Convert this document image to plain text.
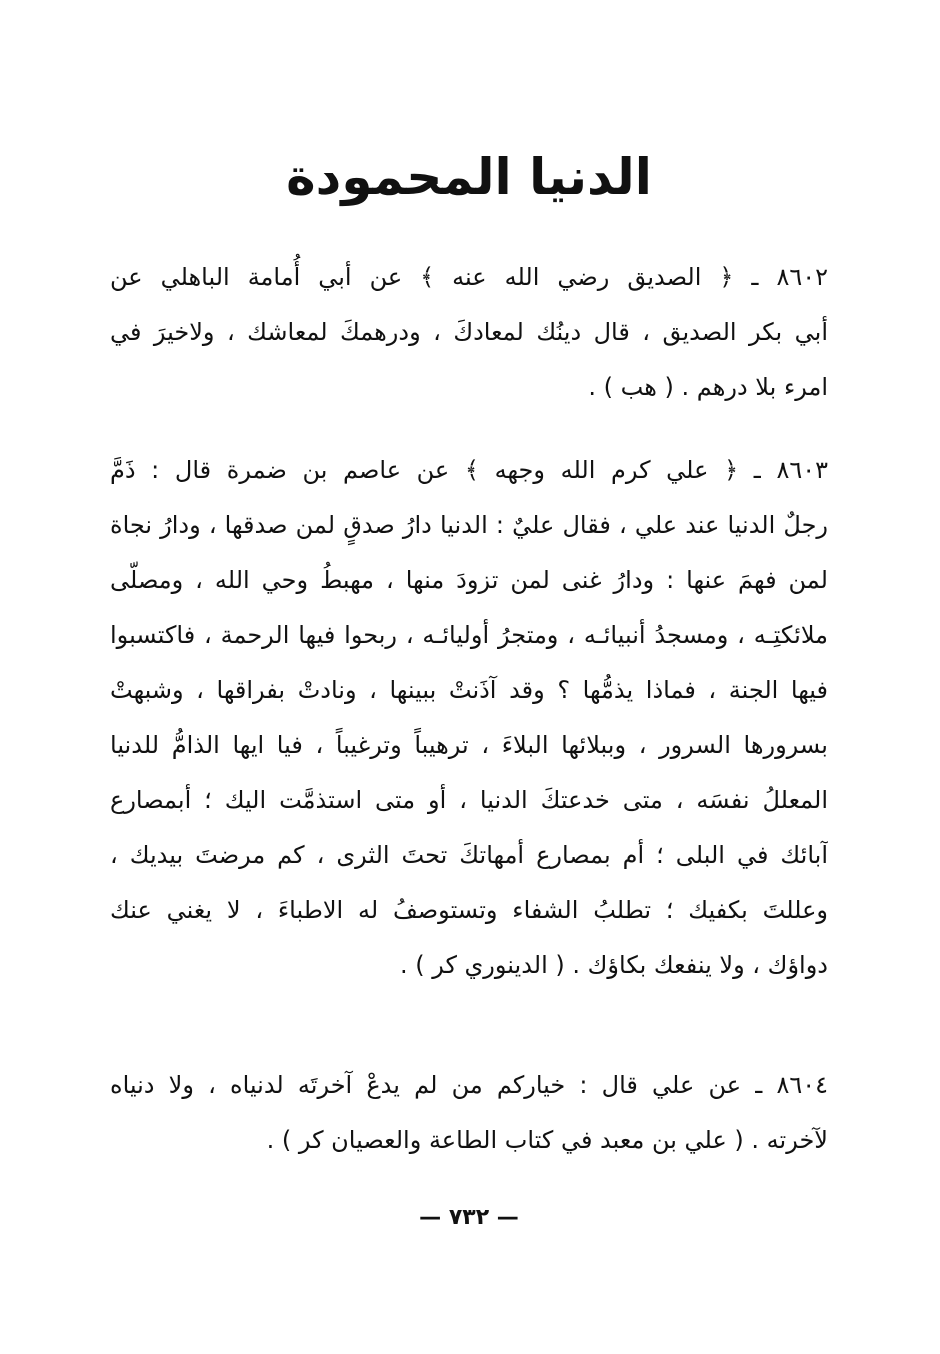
الدنيا المحمودة
٨٦٠٢ ـ ﴿ الصديق رضي الله عنه ﴾ عن أبي أُمامة الباهلي عن
أبي بكر الصديق ، قال دينُك لمعادكَ ، ودرهمكَ لمعاشك ، ولاخيرَ في
امرء بلا درهم . ( هب ) .
٨٦٠٣ ـ ﴿ علي كرم الله وجهه ﴾ عن عاصم بن ضمرة قال : ذَمَّ
رجلٌ الدنيا عند علي ، فقال عليٌ : الدنيا دارُ صدقٍ لمن صدقها ، ودارُ نجاة
لمن فهمَ عنها : ودارُ غنى لمن تزودَ منها ، مهبطُ وحي الله ، ومصلّى
ملائكتِـه ، ومسجدُ أنبيائـه ، ومتجرُ أوليائـه ، ربحوا فيها الرحمة ، فاكتسبوا
فيها الجنة ، فماذا يذمُّها ؟ وقد آذَنتْ ببينها ، ونادتْ بفراقها ، وشبهتْ
بسرورها السرور ، وببلائها البلاءَ ، ترهيباً وترغيباً ، فيا ايها الذامُّ للدنيا
المعللُ نفسَه ، متى خدعتكَ الدنيا ، أو متى استذمَّت اليك ؛ أبمصارع
آبائك في البلى ؛ أم بمصارع أمهاتكَ تحتَ الثرى ، كم مرضتَ بيديك ،
وعللتَ بكفيك ؛ تطلبُ الشفاء وتستوصفُ له الاطباءَ ، لا يغني عنك
دواؤك ، ولا ينفعك بكاؤك . ( الدينوري كر ) .
٨٦٠٤ ـ عن علي قال : خياركم من لم يدعْ آخرتَه لدنياه ، ولا دنياه
لآخرته . ( علي بن معبد في كتاب الطاعة والعصيان كر ) .
— ٧٣٢ —
